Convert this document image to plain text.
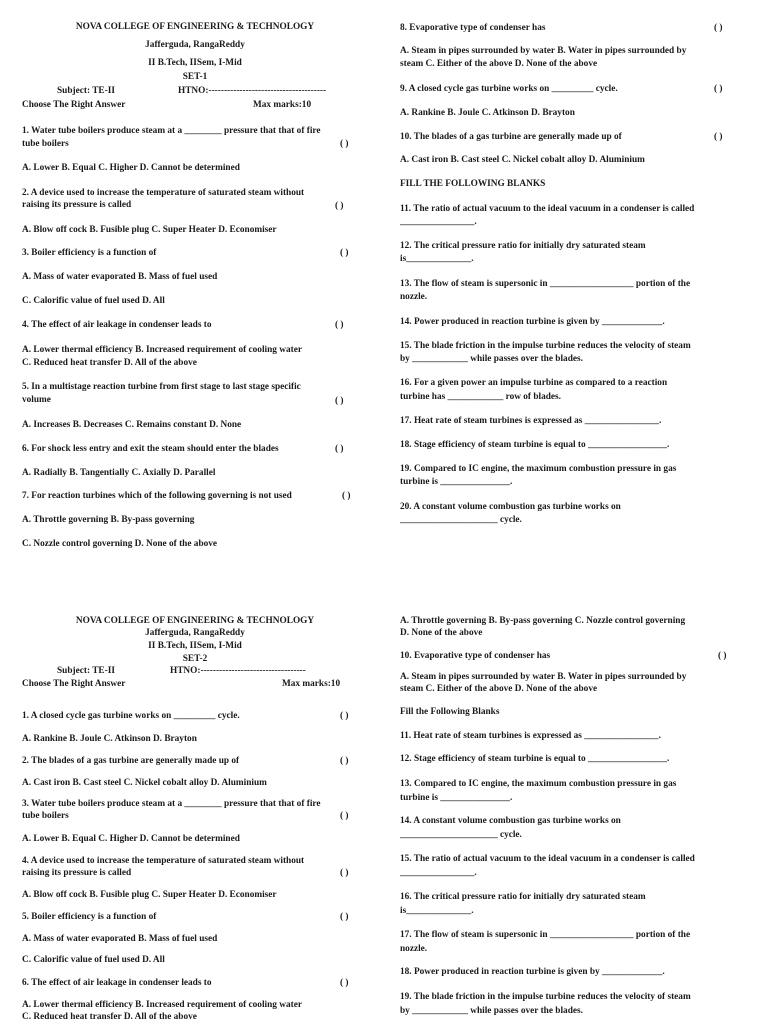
NOVA COLLEGE OF ENGINEERING & TECHNOLOGY
Jafferguda, RangaReddy
II B.Tech, IISem, I-Mid
SET-1
Subject: TE-II	HTNO:--------------------------------------
Choose The Right Answer	Max marks:10
1. Water tube boilers produce steam at a ________ pressure that that of fire
tube boilers	( )
A. Lower B. Equal C. Higher D. Cannot be determined
2. A device used to increase the temperature of saturated steam without
raising its pressure is called	( )
A. Blow off cock B. Fusible plug C. Super Heater D. Economiser
3. Boiler efficiency is a function of	( )
A. Mass of water evaporated B. Mass of fuel used
C. Calorific value of fuel used D. All
4. The effect of air leakage in condenser leads to	( )
A. Lower thermal efficiency B. Increased requirement of cooling water
C. Reduced heat transfer D. All of the above
5. In a multistage reaction turbine from first stage to last stage specific
volume	( )
A. Increases B. Decreases C. Remains constant D. None
6. For shock less entry and exit the steam should enter the blades	( )
A. Radially B. Tangentially C. Axially D. Parallel
7. For reaction turbines which of the following governing is not used	( )
A. Throttle governing B. By-pass governing
C. Nozzle control governing D. None of the above
8. Evaporative type of condenser has	( )
A. Steam in pipes surrounded by water B. Water in pipes surrounded by
steam C. Either of the above D. None of the above
9. A closed cycle gas turbine works on _________ cycle.	( )
A. Rankine B. Joule C. Atkinson D. Brayton
10. The blades of a gas turbine are generally made up of	( )
A. Cast iron B. Cast steel C. Nickel cobalt alloy D. Aluminium
FILL THE FOLLOWING BLANKS
11. The ratio of actual vacuum to the ideal vacuum in a condenser is called
________________.
12. The critical pressure ratio for initially dry saturated steam
is______________.
13. The flow of steam is supersonic in __________________ portion of the
nozzle.
14. Power produced in reaction turbine is given by _____________.
15. The blade friction in the impulse turbine reduces the velocity of steam
by ____________ while passes over the blades.
16. For a given power an impulse turbine as compared to a reaction
turbine has ____________ row of blades.
17. Heat rate of steam turbines is expressed as ________________.
18. Stage efficiency of steam turbine is equal to _________________.
19. Compared to IC engine, the maximum combustion pressure in gas
turbine is _______________.
20. A constant volume combustion gas turbine works on
_____________________ cycle.
NOVA COLLEGE OF ENGINEERING & TECHNOLOGY
Jafferguda, RangaReddy
II B.Tech, IISem, I-Mid
SET-2
Subject: TE-II	HTNO:----------------------------------
Choose The Right Answer	Max marks:10
1. A closed cycle gas turbine works on _________ cycle.	( )
A. Rankine B. Joule C. Atkinson D. Brayton
2. The blades of a gas turbine are generally made up of	( )
A. Cast iron B. Cast steel C. Nickel cobalt alloy D. Aluminium
3. Water tube boilers produce steam at a ________ pressure that that of fire
tube boilers	( )
A. Lower B. Equal C. Higher D. Cannot be determined
4. A device used to increase the temperature of saturated steam without
raising its pressure is called	( )
A. Blow off cock B. Fusible plug C. Super Heater D. Economiser
5. Boiler efficiency is a function of	( )
A. Mass of water evaporated B. Mass of fuel used
C. Calorific value of fuel used D. All
6. The effect of air leakage in condenser leads to	( )
A. Lower thermal efficiency B. Increased requirement of cooling water
C. Reduced heat transfer D. All of the above
A. Throttle governing B. By-pass governing C. Nozzle control governing
D. None of the above
10. Evaporative type of condenser has	( )
A. Steam in pipes surrounded by water B. Water in pipes surrounded by
steam C. Either of the above D. None of the above
Fill the Following Blanks
11. Heat rate of steam turbines is expressed as ________________.
12. Stage efficiency of steam turbine is equal to _________________.
13. Compared to IC engine, the maximum combustion pressure in gas
turbine is _______________.
14. A constant volume combustion gas turbine works on
_____________________ cycle.
15. The ratio of actual vacuum to the ideal vacuum in a condenser is called
________________.
16. The critical pressure ratio for initially dry saturated steam
is______________.
17. The flow of steam is supersonic in __________________ portion of the
nozzle.
18. Power produced in reaction turbine is given by _____________.
19. The blade friction in the impulse turbine reduces the velocity of steam
by ____________ while passes over the blades.
